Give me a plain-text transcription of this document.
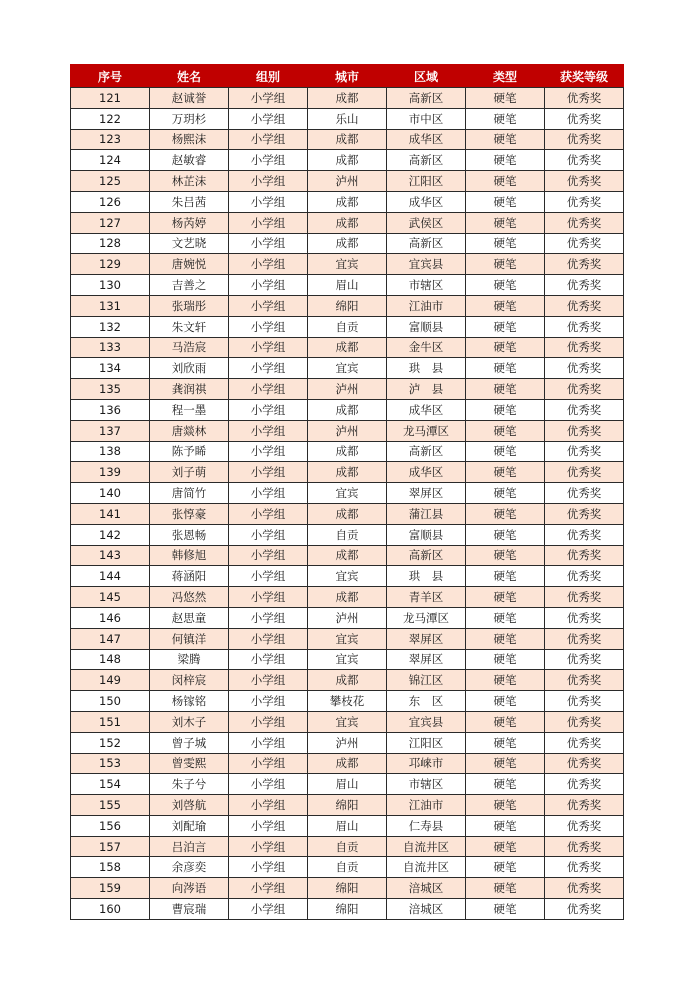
序号	姓名	组别	城市	区域	类型	获奖等级
121	赵诚誉	小学组	成都	高新区	硬笔	优秀奖
122	万玥杉	小学组	乐山	市中区	硬笔	优秀奖
123	杨熙沫	小学组	成都	成华区	硬笔	优秀奖
124	赵敏睿	小学组	成都	高新区	硬笔	优秀奖
125	林芷沫	小学组	泸州	江阳区	硬笔	优秀奖
126	朱吕茜	小学组	成都	成华区	硬笔	优秀奖
127	杨芮婷	小学组	成都	武侯区	硬笔	优秀奖
128	文艺晓	小学组	成都	高新区	硬笔	优秀奖
129	唐婉悦	小学组	宜宾	宜宾县	硬笔	优秀奖
130	吉善之	小学组	眉山	市辖区	硬笔	优秀奖
131	张瑞彤	小学组	绵阳	江油市	硬笔	优秀奖
132	朱文轩	小学组	自贡	富顺县	硬笔	优秀奖
133	马浩宸	小学组	成都	金牛区	硬笔	优秀奖
134	刘欣雨	小学组	宜宾	珙　县	硬笔	优秀奖
135	龚润祺	小学组	泸州	泸　县	硬笔	优秀奖
136	程一墨	小学组	成都	成华区	硬笔	优秀奖
137	唐燚林	小学组	泸州	龙马潭区	硬笔	优秀奖
138	陈予睎	小学组	成都	高新区	硬笔	优秀奖
139	刘子萌	小学组	成都	成华区	硬笔	优秀奖
140	唐简竹	小学组	宜宾	翠屏区	硬笔	优秀奖
141	张惇豪	小学组	成都	蒲江县	硬笔	优秀奖
142	张恩畅	小学组	自贡	富顺县	硬笔	优秀奖
143	韩修旭	小学组	成都	高新区	硬笔	优秀奖
144	蒋涵阳	小学组	宜宾	珙　县	硬笔	优秀奖
145	冯悠然	小学组	成都	青羊区	硬笔	优秀奖
146	赵思童	小学组	泸州	龙马潭区	硬笔	优秀奖
147	何镇洋	小学组	宜宾	翠屏区	硬笔	优秀奖
148	梁腾	小学组	宜宾	翠屏区	硬笔	优秀奖
149	闵梓宸	小学组	成都	锦江区	硬笔	优秀奖
150	杨镓铭	小学组	攀枝花	东　区	硬笔	优秀奖
151	刘木子	小学组	宜宾	宜宾县	硬笔	优秀奖
152	曾子城	小学组	泸州	江阳区	硬笔	优秀奖
153	曾雯熙	小学组	成都	邛崃市	硬笔	优秀奖
154	朱子兮	小学组	眉山	市辖区	硬笔	优秀奖
155	刘啓航	小学组	绵阳	江油市	硬笔	优秀奖
156	刘配瑜	小学组	眉山	仁寿县	硬笔	优秀奖
157	吕泊言	小学组	自贡	自流井区	硬笔	优秀奖
158	余彦奕	小学组	自贡	自流井区	硬笔	优秀奖
159	向涔语	小学组	绵阳	涪城区	硬笔	优秀奖
160	曹宸瑞	小学组	绵阳	涪城区	硬笔	优秀奖
